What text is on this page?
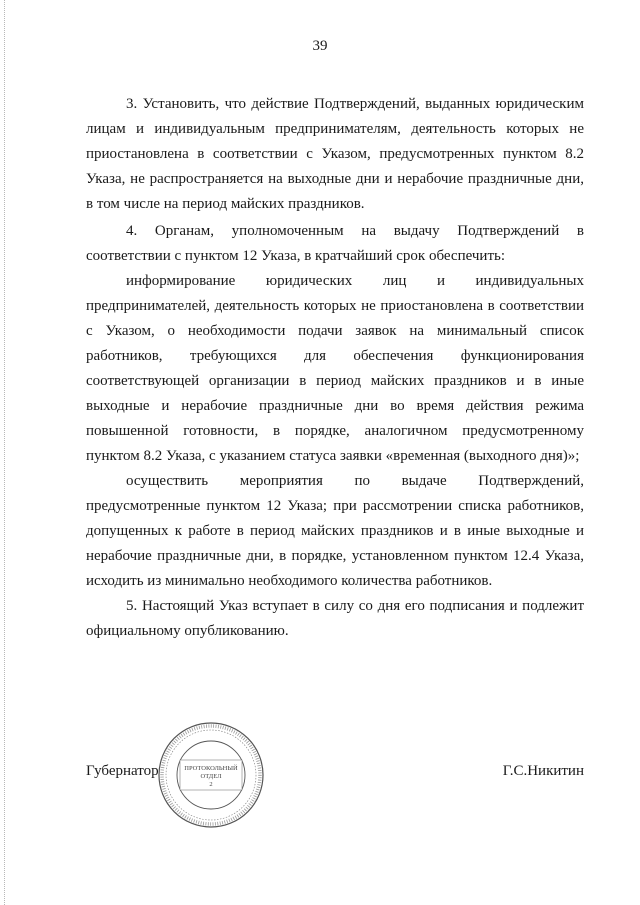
39

3. Установить, что действие Подтверждений, выданных юридическим лицам и индивидуальным предпринимателям, деятельность которых не приостановлена в соответствии с Указом, предусмотренных пунктом 8.2 Указа, не распространяется на выходные дни и нерабочие праздничные дни, в том числе на период майских праздников.

4. Органам, уполномоченным на выдачу Подтверждений в соответствии с пунктом 12 Указа, в кратчайший срок обеспечить:

информирование юридических лиц и индивидуальных предпринимателей, деятельность которых не приостановлена в соответствии с Указом, о необходимости подачи заявок на минимальный список работников, требующихся для обеспечения функционирования соответствующей организации в период майских праздников и в иные выходные и нерабочие праздничные дни во время действия режима повышенной готовности, в порядке, аналогичном предусмотренному пунктом 8.2 Указа, с указанием статуса заявки «временная (выходного дня)»;

осуществить мероприятия по выдаче Подтверждений, предусмотренные пунктом 12 Указа; при рассмотрении списка работников, допущенных к работе в период майских праздников и в иные выходные и нерабочие праздничные дни, в порядке, установленном пунктом 12.4 Указа, исходить из минимально необходимого количества работников.

5. Настоящий Указ вступает в силу со дня его подписания и подлежит официальному опубликованию.

Губернатор	Г.С.Никитин
ПРОТОКОЛЬНЫЙ
ОТДЕЛ
2
